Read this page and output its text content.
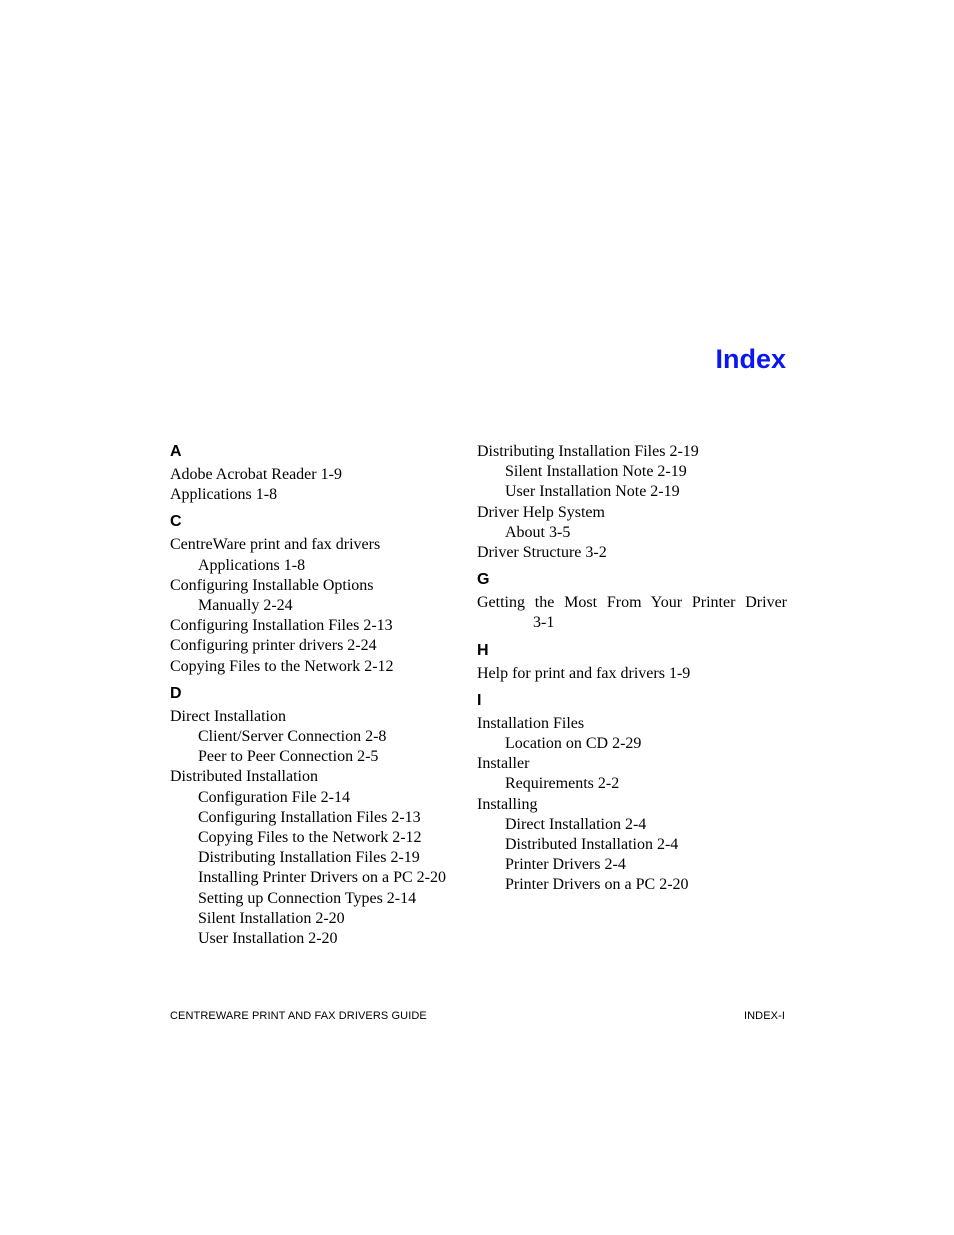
Index
A
Adobe Acrobat Reader 1-9
Applications 1-8
C
CentreWare print and fax drivers
Applications 1-8
Configuring Installable Options
Manually 2-24
Configuring Installation Files 2-13
Configuring printer drivers 2-24
Copying Files to the Network 2-12
D
Direct Installation
Client/Server Connection 2-8
Peer to Peer Connection 2-5
Distributed Installation
Configuration File 2-14
Configuring Installation Files 2-13
Copying Files to the Network 2-12
Distributing Installation Files 2-19
Installing Printer Drivers on a PC 2-20
Setting up Connection Types 2-14
Silent Installation 2-20
User Installation 2-20
Distributing Installation Files 2-19
Silent Installation Note 2-19
User Installation Note 2-19
Driver Help System
About 3-5
Driver Structure 3-2
G
Getting the Most From Your Printer Driver
3-1
H
Help for print and fax drivers 1-9
I
Installation Files
Location on CD 2-29
Installer
Requirements 2-2
Installing
Direct Installation 2-4
Distributed Installation 2-4
Printer Drivers 2-4
Printer Drivers on a PC 2-20
CENTREWARE PRINT AND FAX DRIVERS GUIDE	INDEX-I
